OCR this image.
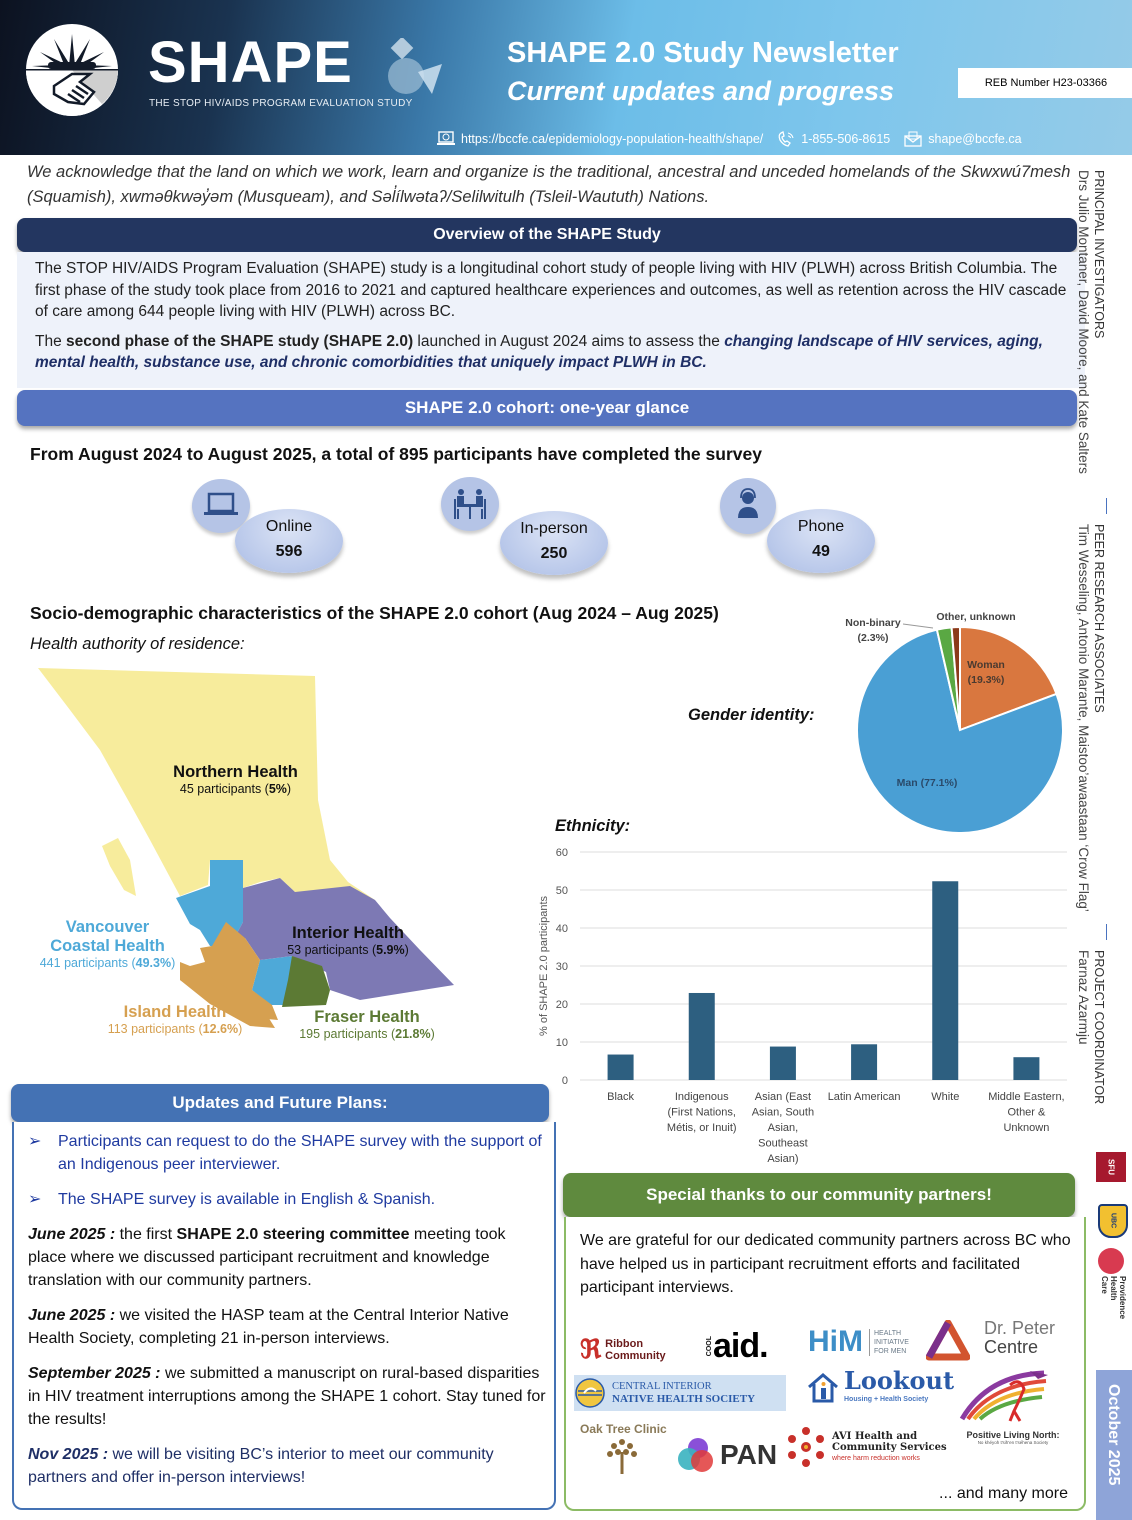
SHAPE
THE STOP HIV/AIDS PROGRAM EVALUATION STUDY
SHAPE 2.0 Study Newsletter
Current updates and progress	REB Number H23-03366
https://bccfe.ca/epidemiology-population-health/shape/	1-855-506-8615	shape@bccfe.ca
We acknowledge that the land on which we work, learn and organize is the traditional, ancestral and unceded homelands of the Skwxwú7mesh (Squamish), xwməθkwəy̓əm (Musqueam), and Səl̓ílwətaʔ/Selilwitulh (Tsleil-Waututh) Nations.
Overview of the SHAPE Study

The STOP HIV/AIDS Program Evaluation (SHAPE) study is a longitudinal cohort study of people living with HIV (PLWH) across British Columbia. The first phase of the study took place from 2016 to 2021 and captured healthcare experiences and outcomes, as well as retention across the HIV cascade of care among 644 people living with HIV (PLWH) across BC.

The second phase of the SHAPE study (SHAPE 2.0) launched in August 2024 aims to assess the changing landscape of HIV services, aging, mental health, substance use, and chronic comorbidities that uniquely impact PLWH in BC.

SHAPE 2.0 cohort: one-year glance
From August 2024 to August 2025, a total of 895 participants have completed the survey
Online
596
In-person
250
Phone
49
Socio-demographic characteristics of the SHAPE 2.0 cohort (Aug 2024 – Aug 2025)
Health authority of residence:
Northern Health
45 participants (5%)
Interior Health
53 participants (5.9%)
Vancouver
Coastal Health
441 participants (49.3%)
Island Health
113 participants (12.6%)
Fraser Health
195 participants (21.8%)
Gender identity:
Woman
(19.3%)
Man (77.1%)
Non-binary
(2.3%)
Other, unknown
Ethnicity:
0
10
20
30
40
50
60
% of SHAPE 2.0 participants
Black	Indigenous
(First Nations,
Métis, or Inuit)
Asian (East
Asian, South
Asian,
Southeast
Asian)
Latin American	White	Middle Eastern,
Other &
Unknown
Updates and Future Plans:
➢	Participants can request to do the SHAPE survey with the support of an Indigenous peer interviewer.
➢	The SHAPE survey is available in English & Spanish.
June 2025 : the first SHAPE 2.0 steering committee meeting took place where we discussed participant recruitment and knowledge translation with our community partners.
June 2025 : we visited the HASP team at the Central Interior Native Health Society, completing 21 in-person interviews.
September 2025 : we submitted a manuscript on rural-based disparities in HIV treatment interruptions among the SHAPE 1 cohort. Stay tuned for the results!
Nov 2025 : we will be visiting BC’s interior to meet our community partners and offer in-person interviews!
Special thanks to our community partners!
We are grateful for our dedicated community partners across BC who have helped us in participant recruitment efforts and facilitated participant interviews.
ℜ Ribbon Community	COOL aid. HiM	HEALTH INITIATIVE FOR MEN
Dr. Peter
Centre
CENTRAL INTERIOR
NATIVE HEALTH SOCIETY
Lookout
Housing + Health Society
Positive Living North:
No khéyoh t'sih'en t'séhena Society
Oak Tree Clinic
PAN
AVI Health and
Community Services
where harm reduction works
... and many more
PRINCIPAL INVESTIGATORS
Drs Julio Montaner, David Moore, and Kate Salters
PEER RESEARCH ASSOCIATES
Tim Wesseling, Antonio Marante, Maistoo’awaastaan ‘Crow Flag’
PROJECT COORDINATOR
Farnaz Azarmju
SFU
UBC
Providence Health Care
October 2025
